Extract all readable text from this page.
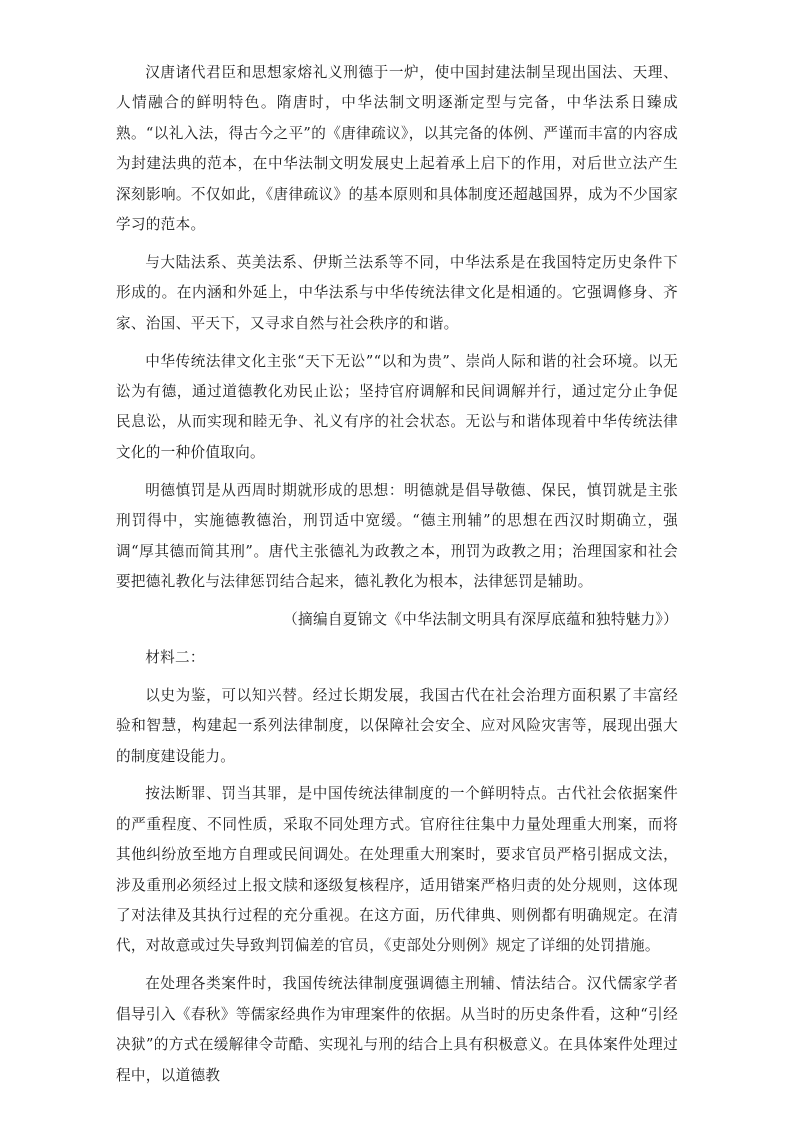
汉唐诸代君臣和思想家熔礼义刑德于一炉，使中国封建法制呈现出国法、天理、人情融合的鲜明特色。隋唐时，中华法制文明逐渐定型与完备，中华法系日臻成熟。“以礼入法，得古今之平”的《唐律疏议》，以其完备的体例、严谨而丰富的内容成为封建法典的范本，在中华法制文明发展史上起着承上启下的作用，对后世立法产生深刻影响。不仅如此，《唐律疏议》的基本原则和具体制度还超越国界，成为不少国家学习的范本。

与大陆法系、英美法系、伊斯兰法系等不同，中华法系是在我国特定历史条件下形成的。在内涵和外延上，中华法系与中华传统法律文化是相通的。它强调修身、齐家、治国、平天下，又寻求自然与社会秩序的和谐。

中华传统法律文化主张“天下无讼”“以和为贵”、崇尚人际和谐的社会环境。以无讼为有德，通过道德教化劝民止讼；坚持官府调解和民间调解并行，通过定分止争促民息讼，从而实现和睦无争、礼义有序的社会状态。无讼与和谐体现着中华传统法律文化的一种价值取向。

明德慎罚是从西周时期就形成的思想：明德就是倡导敬德、保民，慎罚就是主张刑罚得中，实施德教德治，刑罚适中宽缓。“德主刑辅”的思想在西汉时期确立，强调“厚其德而简其刑”。唐代主张德礼为政教之本，刑罚为政教之用；治理国家和社会要把德礼教化与法律惩罚结合起来，德礼教化为根本，法律惩罚是辅助。

（摘编自夏锦文《中华法制文明具有深厚底蕴和独特魅力》）

材料二：

以史为鉴，可以知兴替。经过长期发展，我国古代在社会治理方面积累了丰富经验和智慧，构建起一系列法律制度，以保障社会安全、应对风险灾害等，展现出强大的制度建设能力。

按法断罪、罚当其罪，是中国传统法律制度的一个鲜明特点。古代社会依据案件的严重程度、不同性质，采取不同处理方式。官府往往集中力量处理重大刑案，而将其他纠纷放至地方自理或民间调处。在处理重大刑案时，要求官员严格引据成文法，涉及重刑必须经过上报文牍和逐级复核程序，适用错案严格归责的处分规则，这体现了对法律及其执行过程的充分重视。在这方面，历代律典、则例都有明确规定。在清代，对故意或过失导致判罚偏差的官员，《吏部处分则例》规定了详细的处罚措施。

在处理各类案件时，我国传统法律制度强调德主刑辅、情法结合。汉代儒家学者倡导引入《春秋》等儒家经典作为审理案件的依据。从当时的历史条件看，这种“引经决狱”的方式在缓解律令苛酷、实现礼与刑的结合上具有积极意义。在具体案件处理过程中，以道德教
